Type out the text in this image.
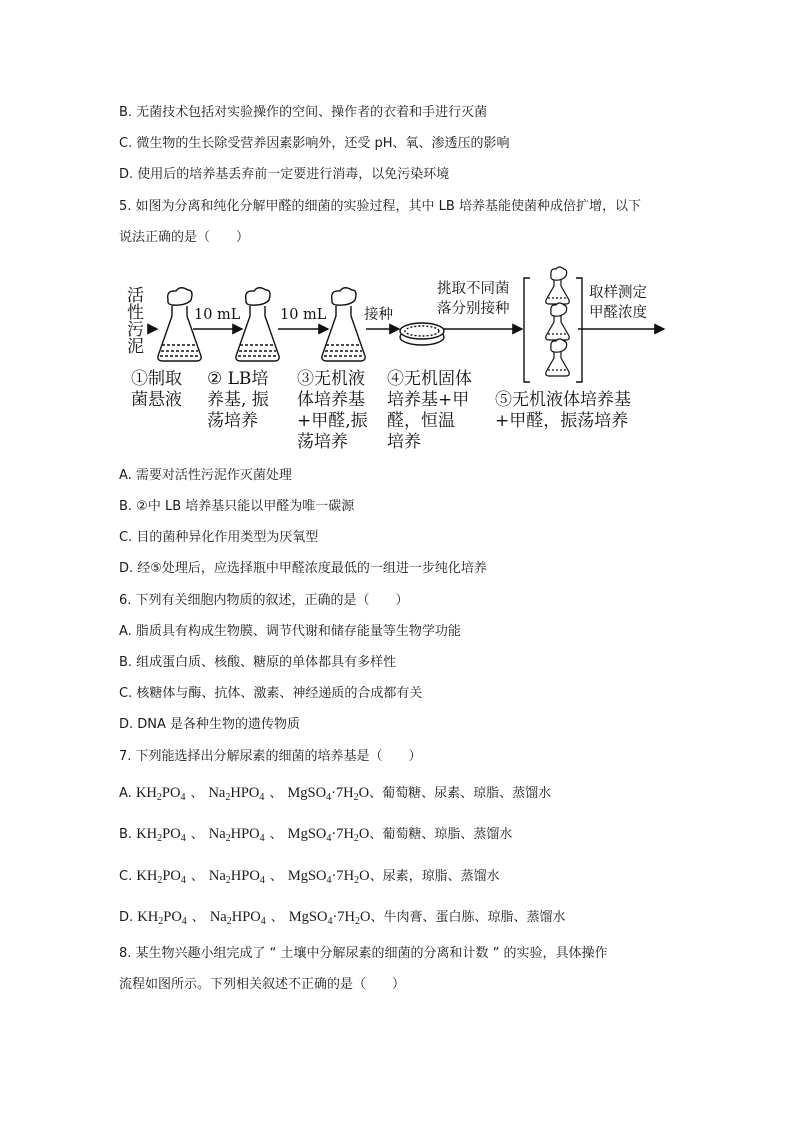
B. 无菌技术包括对实验操作的空间、操作者的衣着和手进行灭菌
C. 微生物的生长除受营养因素影响外，还受 pH、氧、渗透压的影响
D. 使用后的培养基丢弃前一定要进行消毒，以免污染环境
5. 如图为分离和纯化分解甲醛的细菌的实验过程，其中 LB 培养基能使菌种成倍扩增，以下
说法正确的是（　　）
活性污泥
10 mL	10 mL	接种
挑取不同菌
落分别接种
取样测定
甲醛浓度
①制取
菌悬液
② LB培
养基, 振
荡培养
③无机液
体培养基
+甲醛,振
荡培养
④无机固体
培养基+甲
醛，恒温
培养
⑤无机液体培养基
+甲醛，振荡培养
A. 需要对活性污泥作灭菌处理
B. ②中 LB 培养基只能以甲醛为唯一碳源
C. 目的菌种异化作用类型为厌氧型
D. 经⑤处理后，应选择瓶中甲醛浓度最低的一组进一步纯化培养
6. 下列有关细胞内物质的叙述，正确的是（　　）
A. 脂质具有构成生物膜、调节代谢和储存能量等生物学功能
B. 组成蛋白质、核酸、糖原的单体都具有多样性
C. 核糖体与酶、抗体、激素、神经递质的合成都有关
D. DNA 是各种生物的遗传物质
7. 下列能选择出分解尿素的细菌的培养基是（　　）
A. $KH_2PO_4$ 、 $Na_2HPO_4$ 、 $MgSO_4\cdot 7H_2O$、葡萄糖、尿素、琼脂、蒸馏水
B. $KH_2PO_4$ 、 $Na_2HPO_4$ 、 $MgSO_4\cdot 7H_2O$、葡萄糖、琼脂、蒸馏水
C. $KH_2PO_4$ 、 $Na_2HPO_4$ 、 $MgSO_4\cdot 7H_2O$、尿素，琼脂、蒸馏水
D. $KH_2PO_4$ 、 $Na_2HPO_4$ 、 $MgSO_4\cdot 7H_2O$、牛肉膏、蛋白胨、琼脂、蒸馏水
8. 某生物兴趣小组完成了 “ 土壤中分解尿素的细菌的分离和计数 ” 的实验，具体操作
流程如图所示。下列相关叙述不正确的是（　　）
